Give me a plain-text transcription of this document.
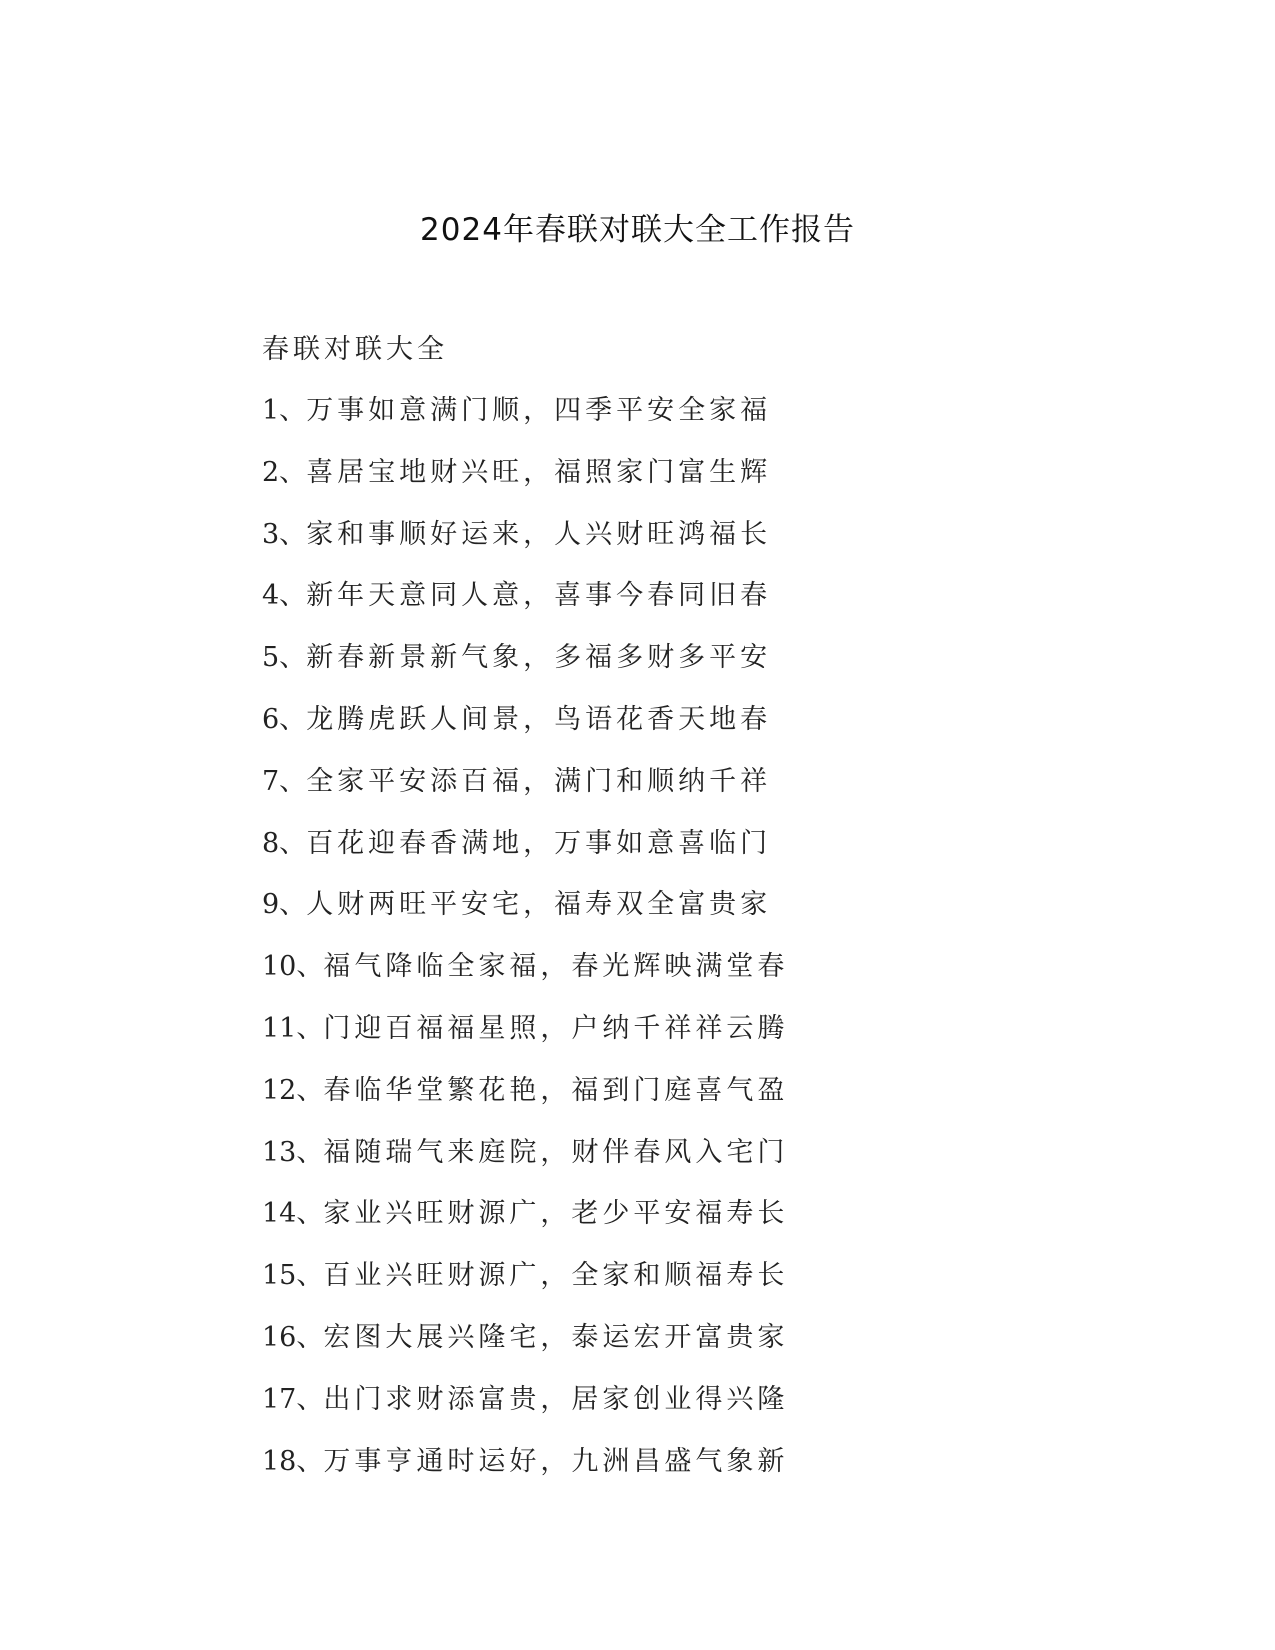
2024年春联对联大全工作报告
春联对联大全
1、万事如意满门顺，四季平安全家福
2、喜居宝地财兴旺，福照家门富生辉
3、家和事顺好运来，人兴财旺鸿福长
4、新年天意同人意，喜事今春同旧春
5、新春新景新气象，多福多财多平安
6、龙腾虎跃人间景，鸟语花香天地春
7、全家平安添百福，满门和顺纳千祥
8、百花迎春香满地，万事如意喜临门
9、人财两旺平安宅，福寿双全富贵家
10、福气降临全家福，春光辉映满堂春
11、门迎百福福星照，户纳千祥祥云腾
12、春临华堂繁花艳，福到门庭喜气盈
13、福随瑞气来庭院，财伴春风入宅门
14、家业兴旺财源广，老少平安福寿长
15、百业兴旺财源广，全家和顺福寿长
16、宏图大展兴隆宅，泰运宏开富贵家
17、出门求财添富贵，居家创业得兴隆
18、万事亨通时运好，九洲昌盛气象新
